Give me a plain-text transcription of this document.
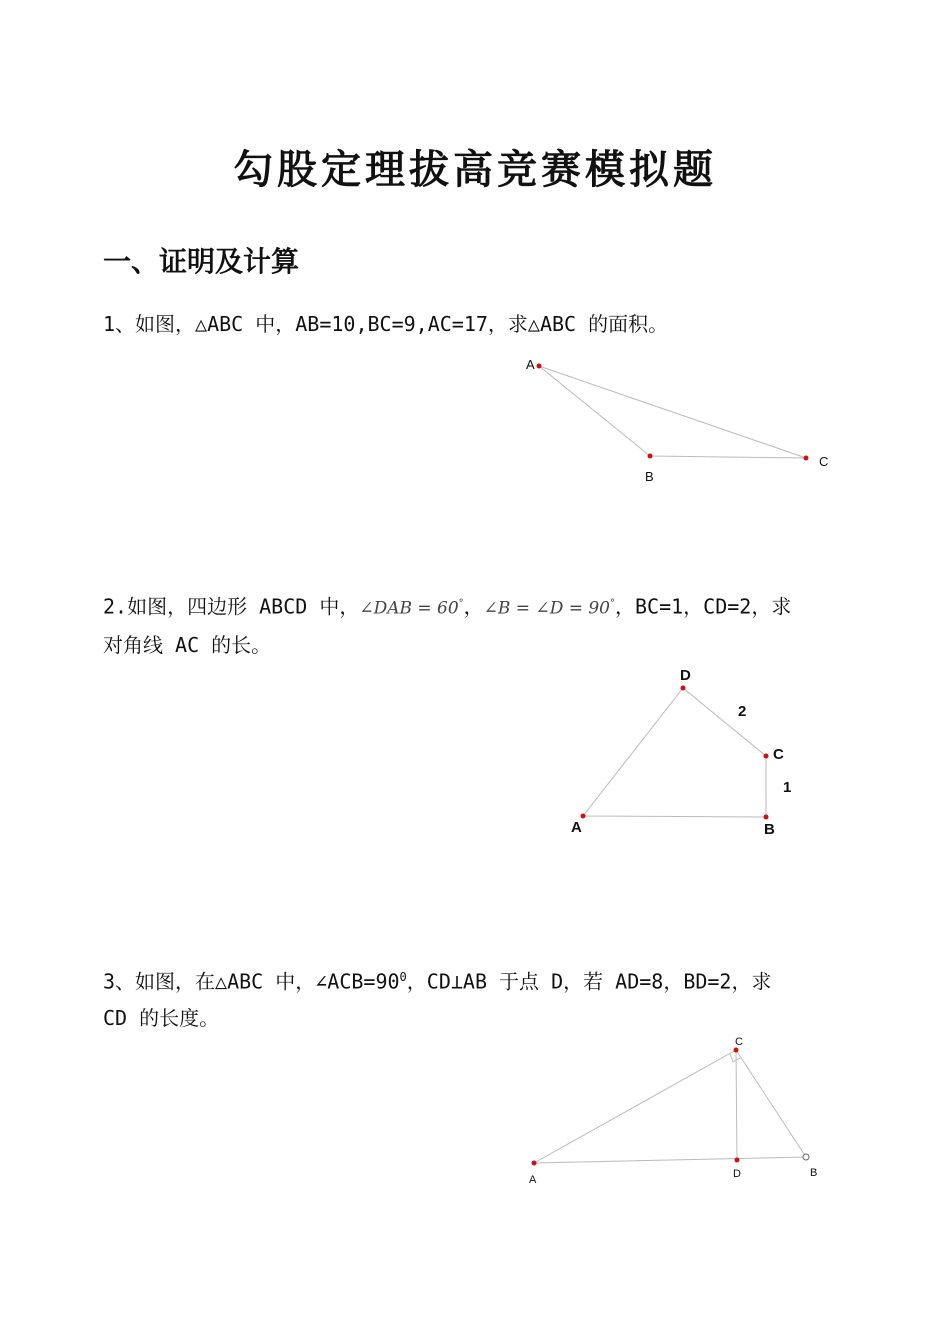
勾股定理拔高竞赛模拟题
一、证明及计算
1、如图，△ABC 中，AB=10,BC=9,AC=17，求△ABC 的面积。
2.如图，四边形 ABCD 中，∠DAB = 60°，∠B = ∠D = 90°，BC=1，CD=2，求
对角线 AC 的长。
3、如图，在△ABC 中，$\angle ACB=90^0$，CD⊥AB 于点 D，若 AD=8，BD=2，求
CD 的长度。
A
B
C
D
2
C
1
A	B
C
A	D	B
